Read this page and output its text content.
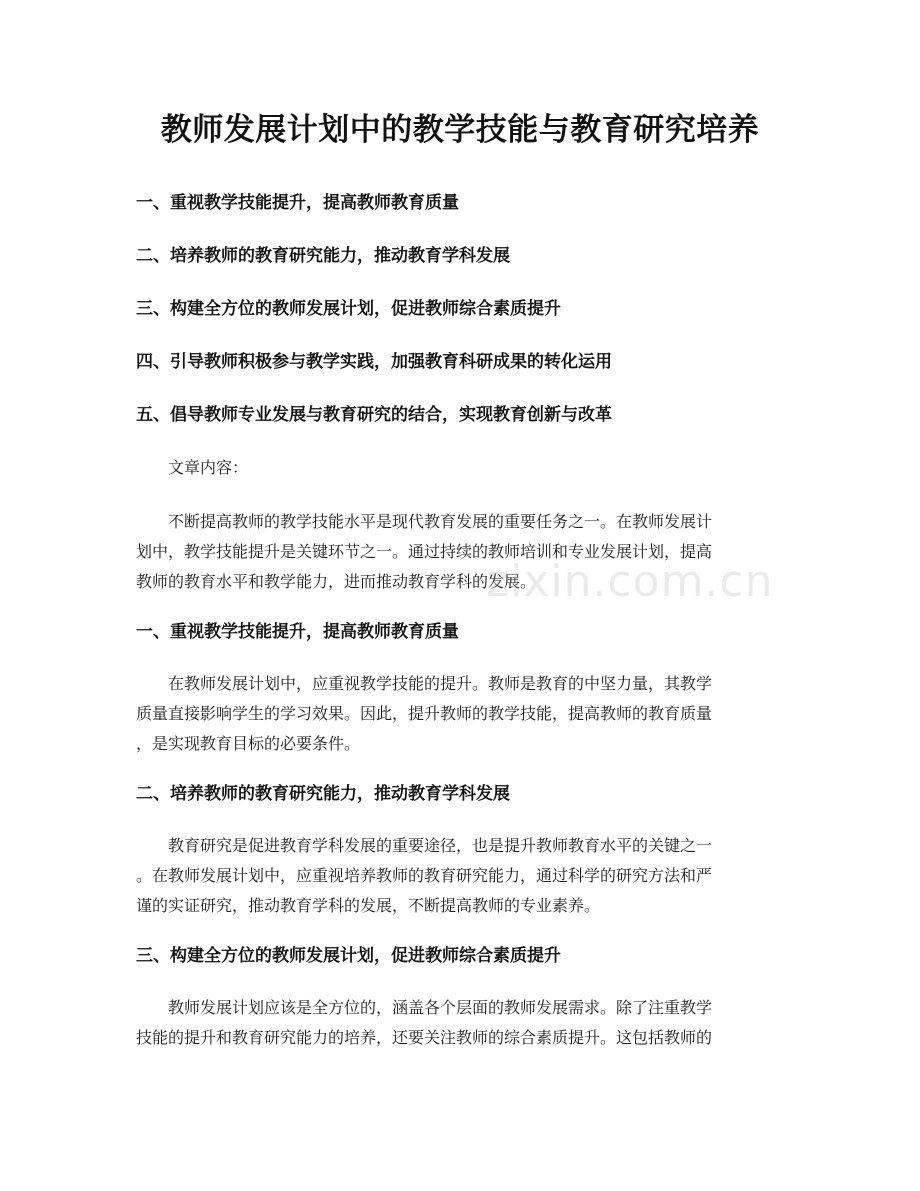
教师发展计划中的教学技能与教育研究培养
一、重视教学技能提升，提高教师教育质量
二、培养教师的教育研究能力，推动教育学科发展
三、构建全方位的教师发展计划，促进教师综合素质提升
四、引导教师积极参与教学实践，加强教育科研成果的转化运用
五、倡导教师专业发展与教育研究的结合，实现教育创新与改革
文章内容：
不断提高教师的教学技能水平是现代教育发展的重要任务之一。在教师发展计
划中，教学技能提升是关键环节之一。通过持续的教师培训和专业发展计划，提高
教师的教育水平和教学能力，进而推动教育学科的发展。
一、重视教学技能提升，提高教师教育质量
在教师发展计划中，应重视教学技能的提升。教师是教育的中坚力量，其教学
质量直接影响学生的学习效果。因此，提升教师的教学技能，提高教师的教育质量
，是实现教育目标的必要条件。
二、培养教师的教育研究能力，推动教育学科发展
教育研究是促进教育学科发展的重要途径，也是提升教师教育水平的关键之一
。在教师发展计划中，应重视培养教师的教育研究能力，通过科学的研究方法和严
谨的实证研究，推动教育学科的发展，不断提高教师的专业素养。
三、构建全方位的教师发展计划，促进教师综合素质提升
教师发展计划应该是全方位的，涵盖各个层面的教师发展需求。除了注重教学
技能的提升和教育研究能力的培养，还要关注教师的综合素质提升。这包括教师的
zixin.com.cn
